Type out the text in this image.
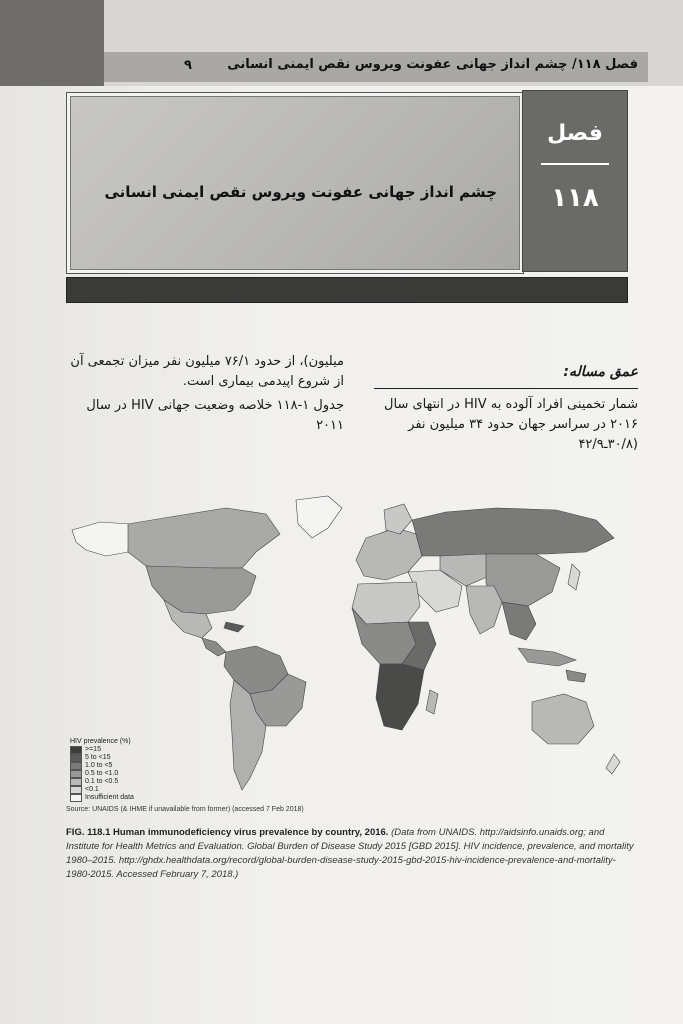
۹	فصل ۱۱۸/ چشم انداز جهانی عفونت ویروس نقص ایمنی انسانی
چشم انداز جهانی عفونت ویروس نقص ایمنی انسانی
فصل
۱۱۸

میلیون)، از حدود ۷۶/۱ میلیون نفر میزان تجمعی آن از شروع اپیدمی بیماری است.

جدول ۱-۱۱۸ خلاصه وضعیت جهانی HIV در سال ۲۰۱۱

عمق مساله:

شمار تخمینی افراد آلوده به HIV در انتهای سال ۲۰۱۶ در سراسر جهان حدود ۳۴ میلیون نفر (۳۰/۸ـ۴۲/۹

HIV prevalence (%)
>=15
5 to <15
1.0 to <5
0.5 to <1.0
0.1 to <0.5
<0.1
Insufficient data
Source: UNAIDS (& IHME if unavailable from former) (accessed 7 Feb 2018)
FIG. 118.1 Human immunodeficiency virus prevalence by country, 2016. (Data from UNAIDS. http://aidsinfo.unaids.org; and Institute for Health Metrics and Evaluation. Global Burden of Disease Study 2015 [GBD 2015]. HIV incidence, prevalence, and mortality 1980–2015. http://ghdx.healthdata.org/record/global-burden-disease-study-2015-gbd-2015-hiv-incidence-prevalence-and-mortality-1980-2015. Accessed February 7, 2018.)
